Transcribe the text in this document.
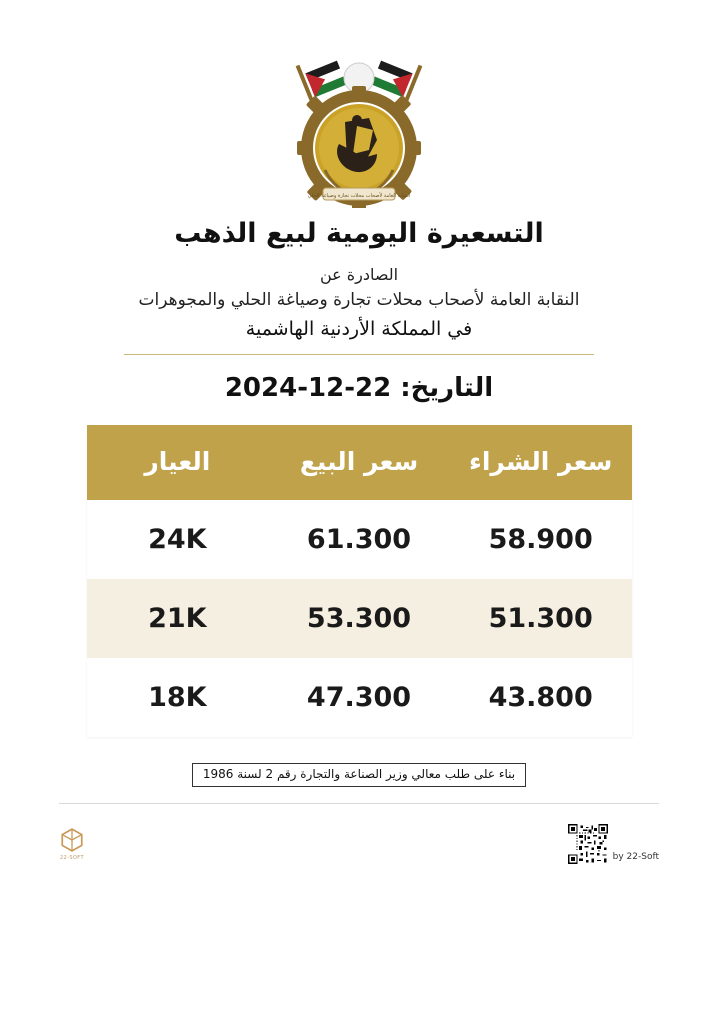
النقابة العامة لأصحاب محلات تجارة وصياغة الحلي
التسعيرة اليومية لبيع الذهب
الصادرة عن
النقابة العامة لأصحاب محلات تجارة وصياغة الحلي والمجوهرات
في المملكة الأردنية الهاشمية
التاريخ: 22-12-2024
سعر الشراء	سعر البيع	العيار
58.900	61.300	24K
51.300	53.300	21K
43.800	47.300	18K
بناء على طلب معالي وزير الصناعة والتجارة رقم 2 لسنة 1986
22-SOFT	by 22-Soft
